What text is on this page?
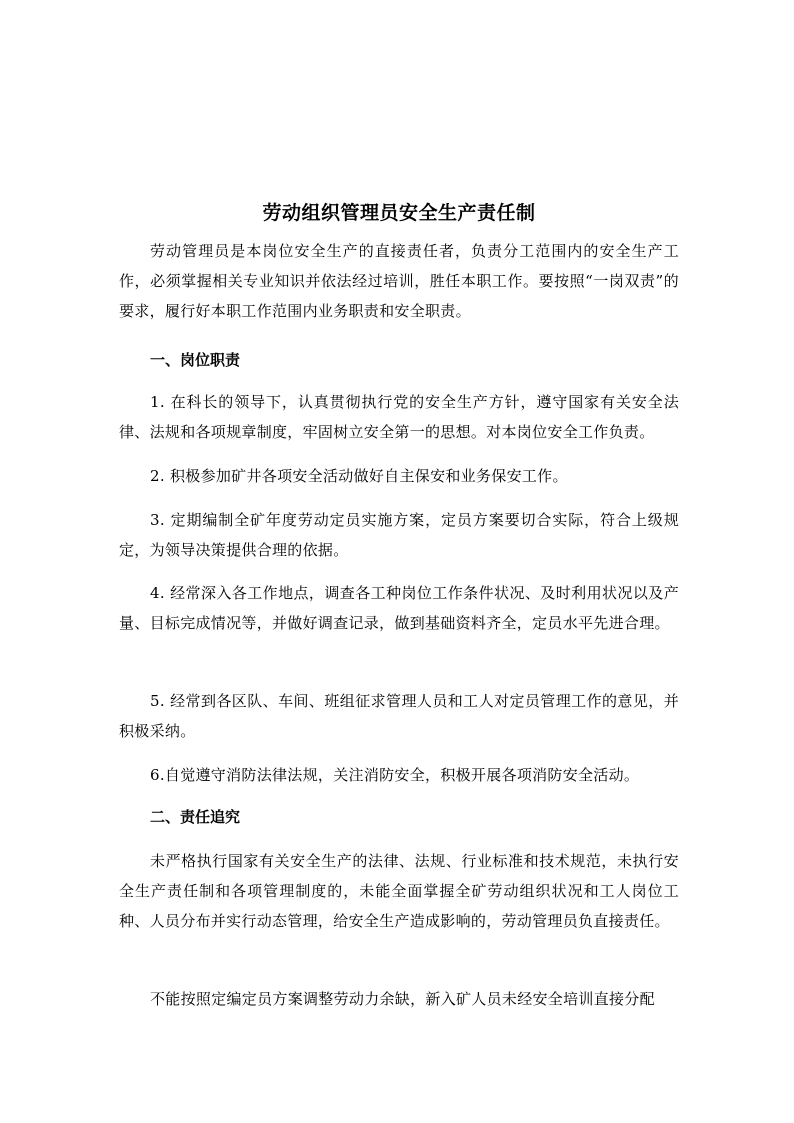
劳动组织管理员安全生产责任制

劳动管理员是本岗位安全生产的直接责任者，负责分工范围内的安全生产工作，必须掌握相关专业知识并依法经过培训，胜任本职工作。要按照“一岗双责”的要求，履行好本职工作范围内业务职责和安全职责。

一、岗位职责

1. 在科长的领导下，认真贯彻执行党的安全生产方针，遵守国家有关安全法律、法规和各项规章制度，牢固树立安全第一的思想。对本岗位安全工作负责。

2. 积极参加矿井各项安全活动做好自主保安和业务保安工作。

3. 定期编制全矿年度劳动定员实施方案，定员方案要切合实际，符合上级规定，为领导决策提供合理的依据。

4. 经常深入各工作地点，调查各工种岗位工作条件状况、及时利用状况以及产量、目标完成情况等，并做好调查记录，做到基础资料齐全，定员水平先进合理。

5. 经常到各区队、车间、班组征求管理人员和工人对定员管理工作的意见，并积极采纳。

6.自觉遵守消防法律法规，关注消防安全，积极开展各项消防安全活动。

二、责任追究

未严格执行国家有关安全生产的法律、法规、行业标准和技术规范，未执行安全生产责任制和各项管理制度的，未能全面掌握全矿劳动组织状况和工人岗位工种、人员分布并实行动态管理，给安全生产造成影响的，劳动管理员负直接责任。

不能按照定编定员方案调整劳动力余缺，新入矿人员未经安全培训直接分配
